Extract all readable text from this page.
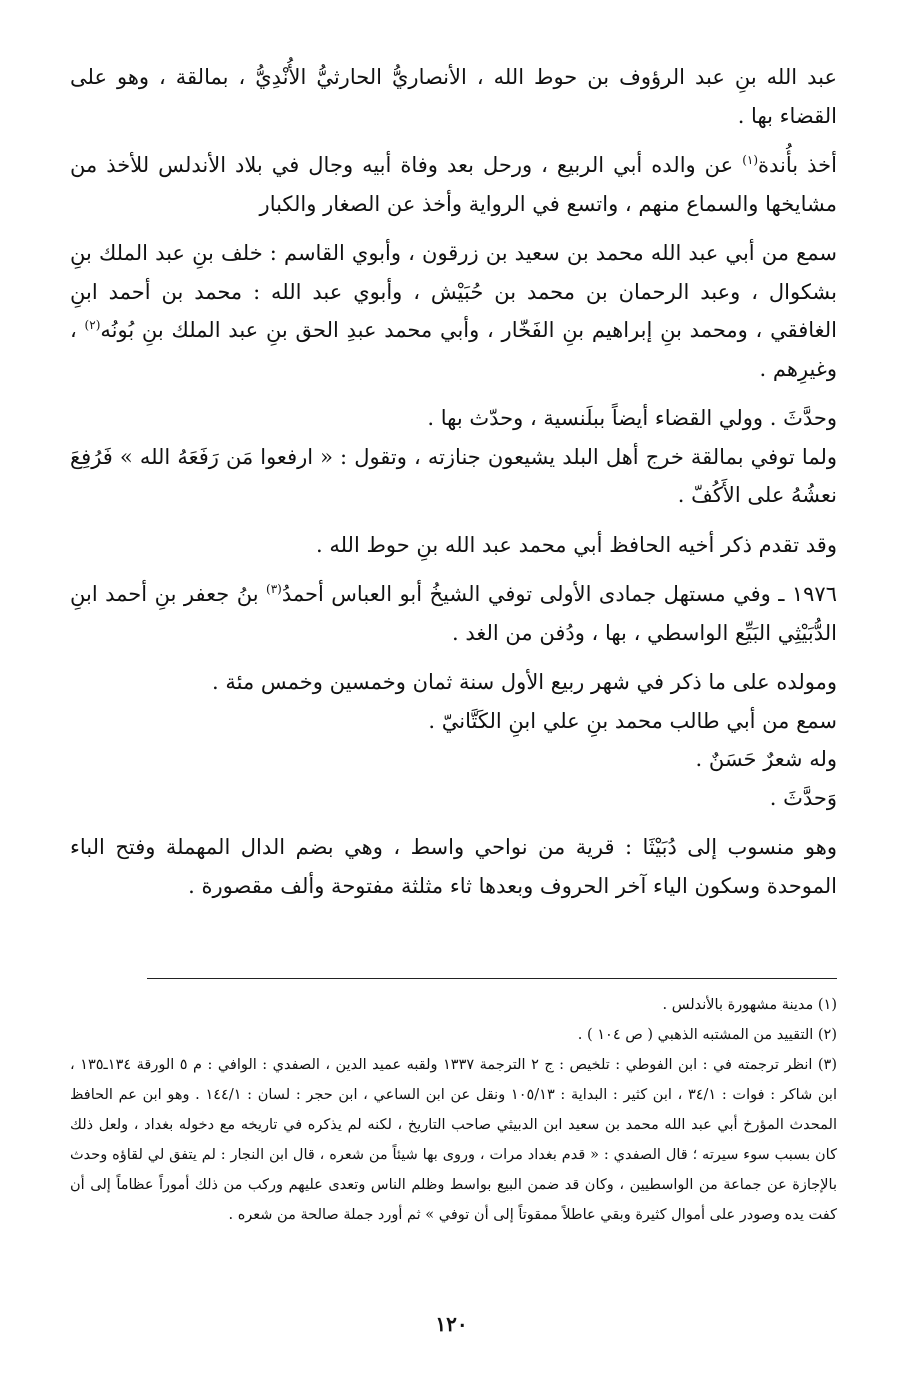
عبد الله بنِ عبد الرؤوف بن حوط الله ، الأنصاريُّ الحارثيُّ الأُنْدِيُّ ، بمالقة ، وهو على القضاء بها .

أخذ بأُندة$^{(١)}$ عن والده أبي الربيع ، ورحل بعد وفاة أبيه وجال في بلاد الأندلس للأخذ من مشايخها والسماع منهم ، واتسع في الرواية وأخذ عن الصغار والكبار

سمع من أبي عبد الله محمد بن سعيد بن زرقون ، وأبوي القاسم : خلف بنِ عبد الملك بنِ بشكوال ، وعبد الرحمان بن محمد بن حُبَيْش ، وأبوي عبد الله : محمد بن أحمد ابنِ الغافقي ، ومحمد بنِ إبراهيم بنِ الفَخّار ، وأبي محمد عبدِ الحق بنِ عبد الملك بنِ بُونُه$^{(٢)}$ ، وغيرِهم .

وحدَّثَ . وولي القضاء أيضاً ببلَنسية ، وحدّث بها .

ولما توفي بمالقة خرج أهل البلد يشيعون جنازته ، وتقول : « ارفعوا مَن رَفَعَهُ الله » فَرُفِعَ نعشُهُ على الأَكُفّ .

وقد تقدم ذكر أخيه الحافظ أبي محمد عبد الله بنِ حوط الله .

١٩٧٦ ـ وفي مستهل جمادى الأولى توفي الشيخُ أبو العباس أحمدُ$^{(٣)}$ بنُ جعفر بنِ أحمد ابنِ الدُّبَيْثِي البَيِّع الواسطي ، بها ، ودُفن من الغد .

ومولده على ما ذكر في شهر ربيع الأول سنة ثمان وخمسين وخمس مئة .

سمع من أبي طالب محمد بنِ علي ابنِ الكَتَّانيّ .

وله شعرٌ حَسَنٌ .

وَحدَّثَ .

وهو منسوب إلى دُبَيْثَا : قرية من نواحي واسط ، وهي بضم الدال المهملة وفتح الباء الموحدة وسكون الياء آخر الحروف وبعدها ثاء مثلثة مفتوحة وألف مقصورة .

(١) مدينة مشهورة بالأندلس .

(٢) التقييد من المشتبه الذهبي ( ص ١٠٤ ) .

(٣) انظر ترجمته في : ابن الفوطي : تلخيص : ج ٢ الترجمة ١٣٣٧ ولقبه عميد الدين ، الصفدي : الوافي : م ٥ الورقة ١٣٤ـ١٣٥ ، ابن شاكر : فوات : ٣٤/١ ، ابن كثير : البداية : ١٠٥/١٣ ونقل عن ابن الساعي ، ابن حجر : لسان : ١٤٤/١ . وهو ابن عم الحافظ المحدث المؤرخ أبي عبد الله محمد بن سعيد ابن الدبيثي صاحب التاريخ ، لكنه لم يذكره في تاريخه مع دخوله بغداد ، ولعل ذلك كان بسبب سوء سيرته ؛ قال الصفدي : « قدم بغداد مرات ، وروى بها شيئاً من شعره ، قال ابن النجار : لم يتفق لي لقاؤه وحدث بالإجازة عن جماعة من الواسطيين ، وكان قد ضمن البيع بواسط وظلم الناس وتعدى عليهم وركب من ذلك أموراً عظاماً إلى أن كفت يده وصودر على أموال كثيرة وبقي عاطلاً ممقوتاً إلى أن توفي » ثم أورد جملة صالحة من شعره .

١٢٠
